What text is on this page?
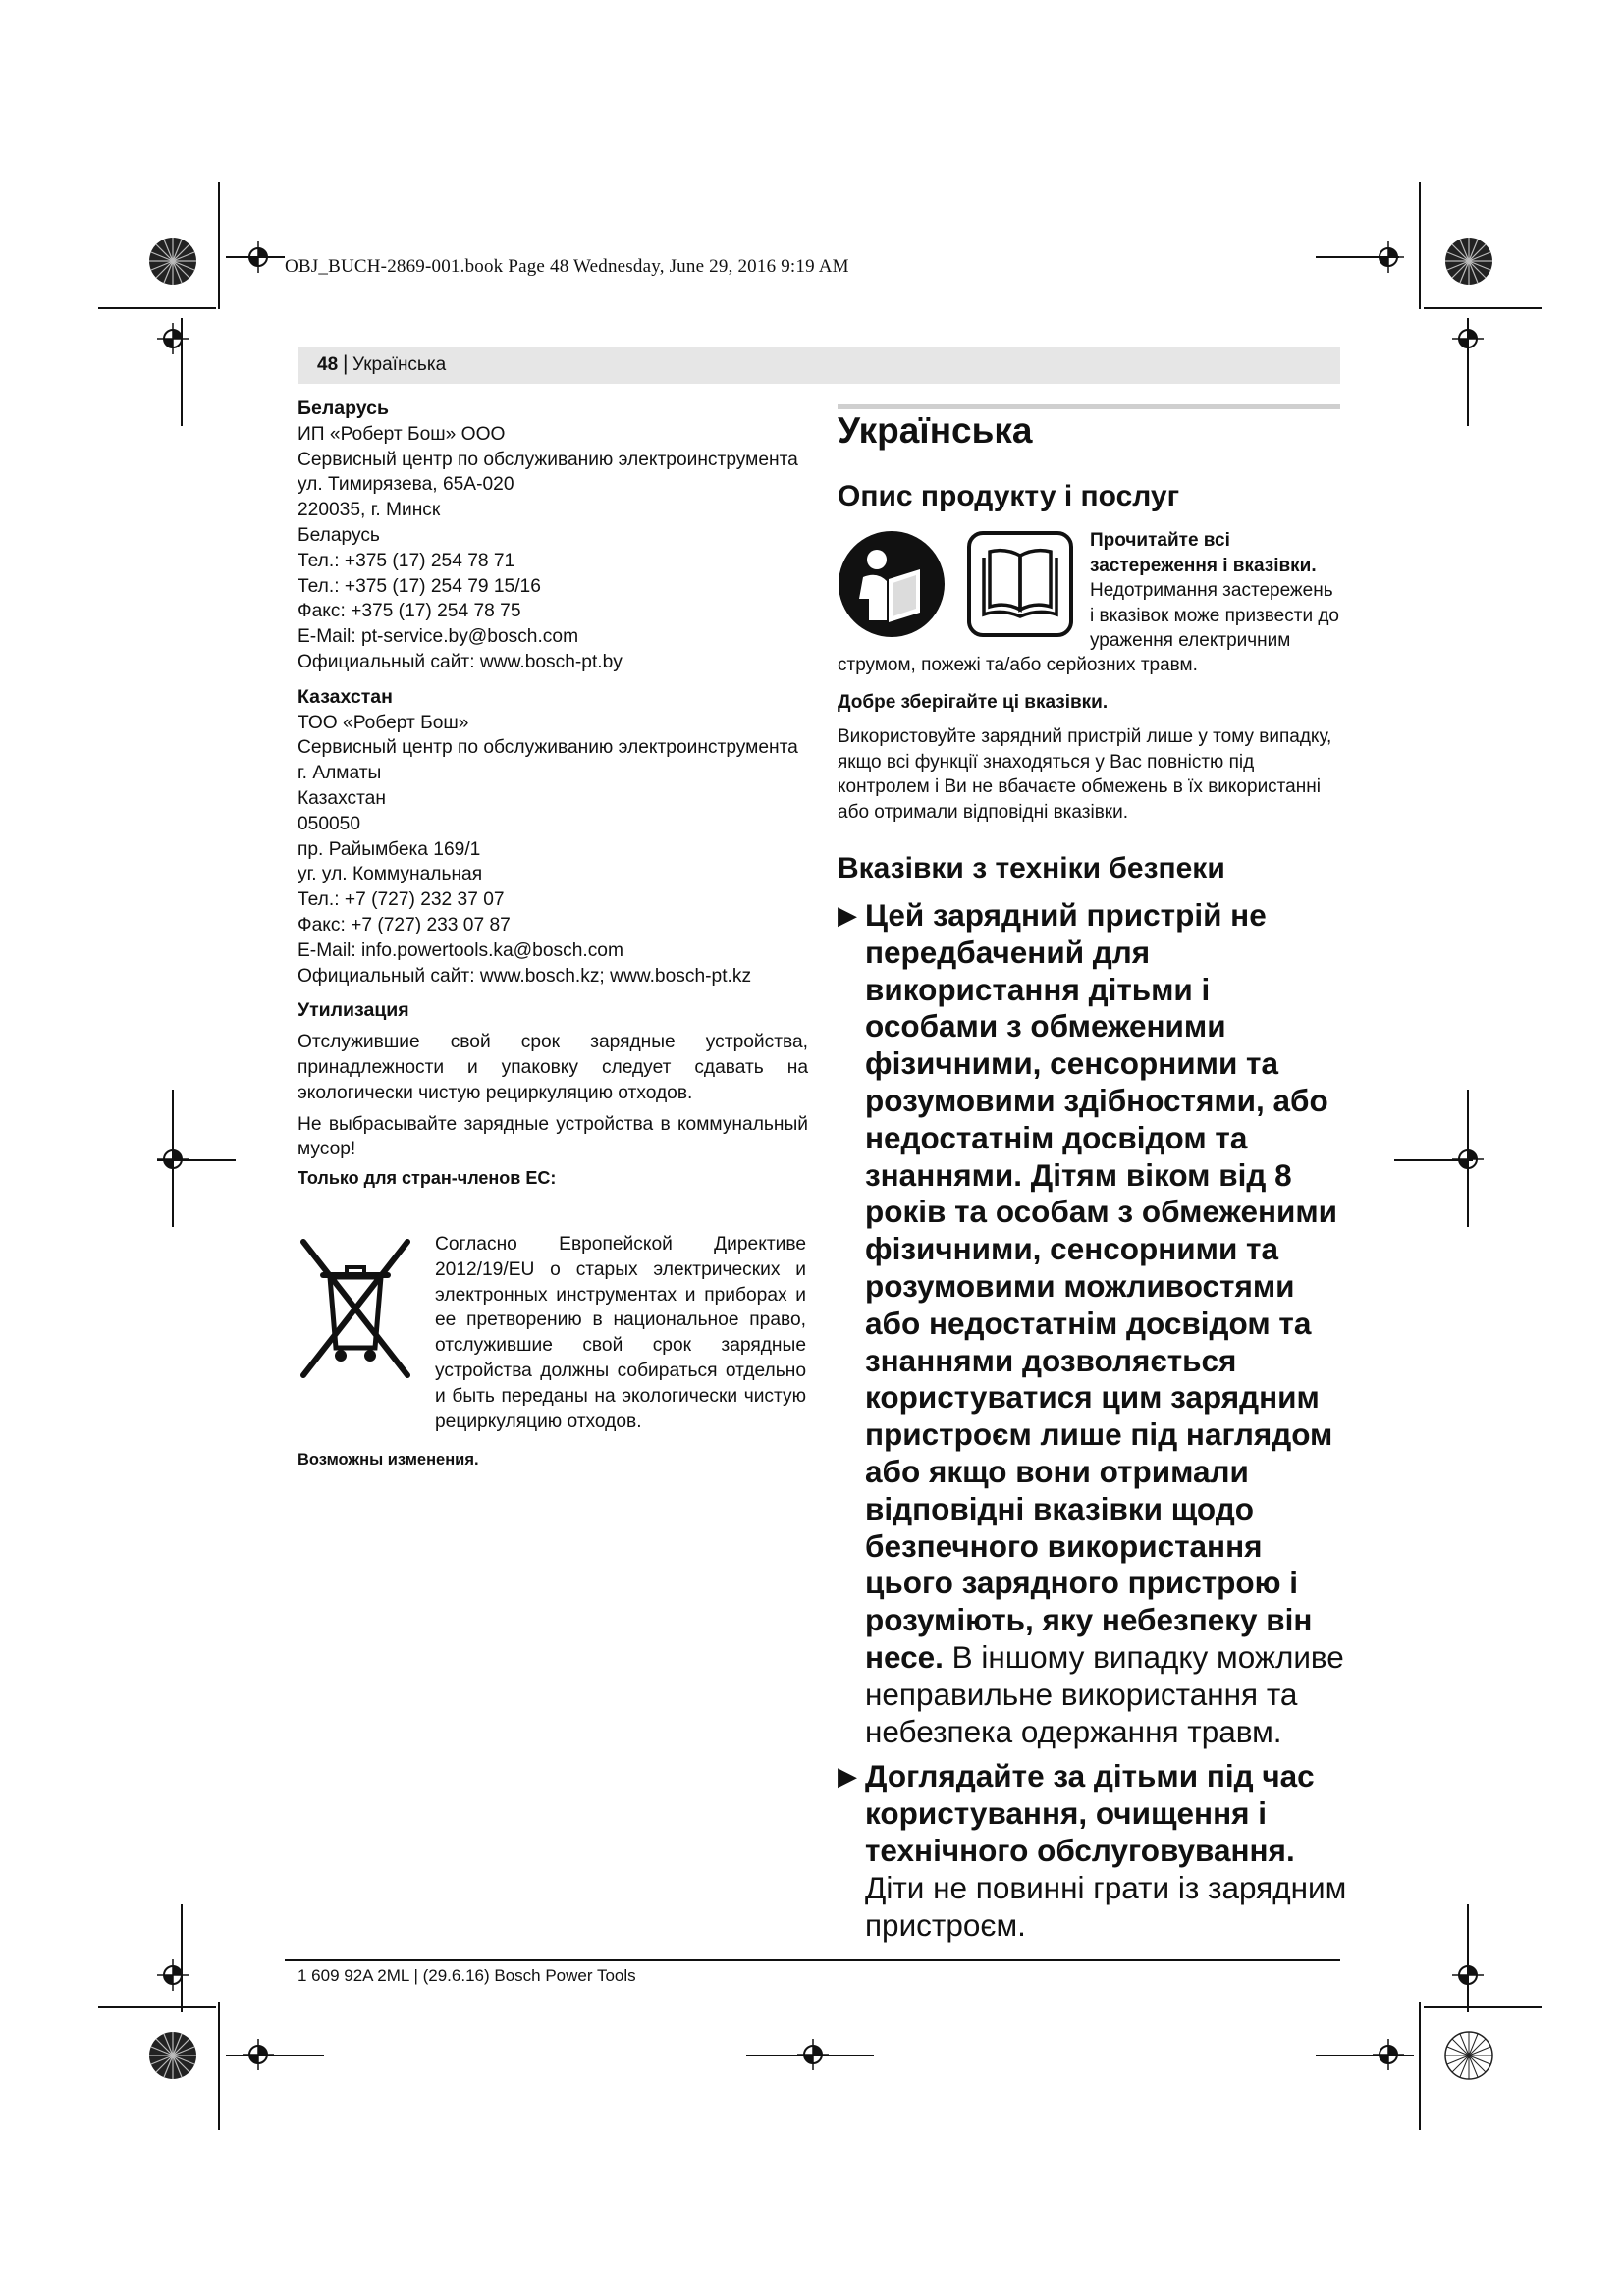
OBJ_BUCH-2869-001.book Page 48 Wednesday, June 29, 2016 9:19 AM
48 | Українська

Беларусь

ИП «Роберт Бош» ООО

Сервисный центр по обслуживанию электроинструмента

ул. Тимирязева, 65А-020

220035, г. Минск

Беларусь

Тел.: +375 (17) 254 78 71

Тел.: +375 (17) 254 79 15/16

Факс: +375 (17) 254 78 75

E-Mail: pt-service.by@bosch.com

Официальный сайт: www.bosch-pt.by

Казахстан

ТОО «Роберт Бош»

Сервисный центр по обслуживанию электроинструмента

г. Алматы

Казахстан

050050

пр. Райымбека 169/1

уг. ул. Коммунальная

Тел.: +7 (727) 232 37 07

Факс: +7 (727) 233 07 87

E-Mail: info.powertools.ka@bosch.com

Официальный сайт: www.bosch.kz; www.bosch-pt.kz

Утилизация

Отслужившие свой срок зарядные устройства, принадлежности и упаковку следует сдавать на экологически чистую рециркуляцию отходов.

Не выбрасывайте зарядные устройства в коммунальный мусор!

Только для стран-членов ЕС:

Согласно Европейской Директиве 2012/19/EU о старых электрических и электронных инструментах и приборах и ее претворению в национальное право, отслужившие свой срок зарядные устройства должны собираться отдельно и быть переданы на экологически чистую рециркуляцию отходов.
Возможны изменения.
Українська
Опис продукту і послуг
Прочитайте всі застереження і вказівки. Недотримання застережень і вказівок може призвести до ураження електричним
струмом, пожежі та/або серйозних травм.
Добре зберігайте ці вказівки.
Використовуйте зарядний пристрій лише у тому випадку, якщо всі функції знаходяться у Вас повністю під контролем і Ви не вбачаєте обмежень в їх використанні або отримали відповідні вказівки.
Вказівки з техніки безпеки

▶ Цей зарядний пристрій не передбачений для використання дітьми і особами з обмеженими фізичними, сенсорними та розумовими здібностями, або недостатнім досвідом та знаннями. Дітям віком від 8 років та особам з обмеженими фізичними, сенсорними та розумовими можливостями або недостатнім досвідом та знаннями дозволяється користуватися цим зарядним пристроєм лише під наглядом або якщо вони отримали відповідні вказівки щодо безпечного використання цього зарядного пристрою і розуміють, яку небезпеку він несе. В іншому випадку можливе неправильне використання та небезпека одержання травм.

▶ Доглядайте за дітьми під час користування, очищення і технічного обслуговування. Діти не повинні грати із зарядним пристроєм.

1 609 92A 2ML | (29.6.16) Bosch Power Tools
